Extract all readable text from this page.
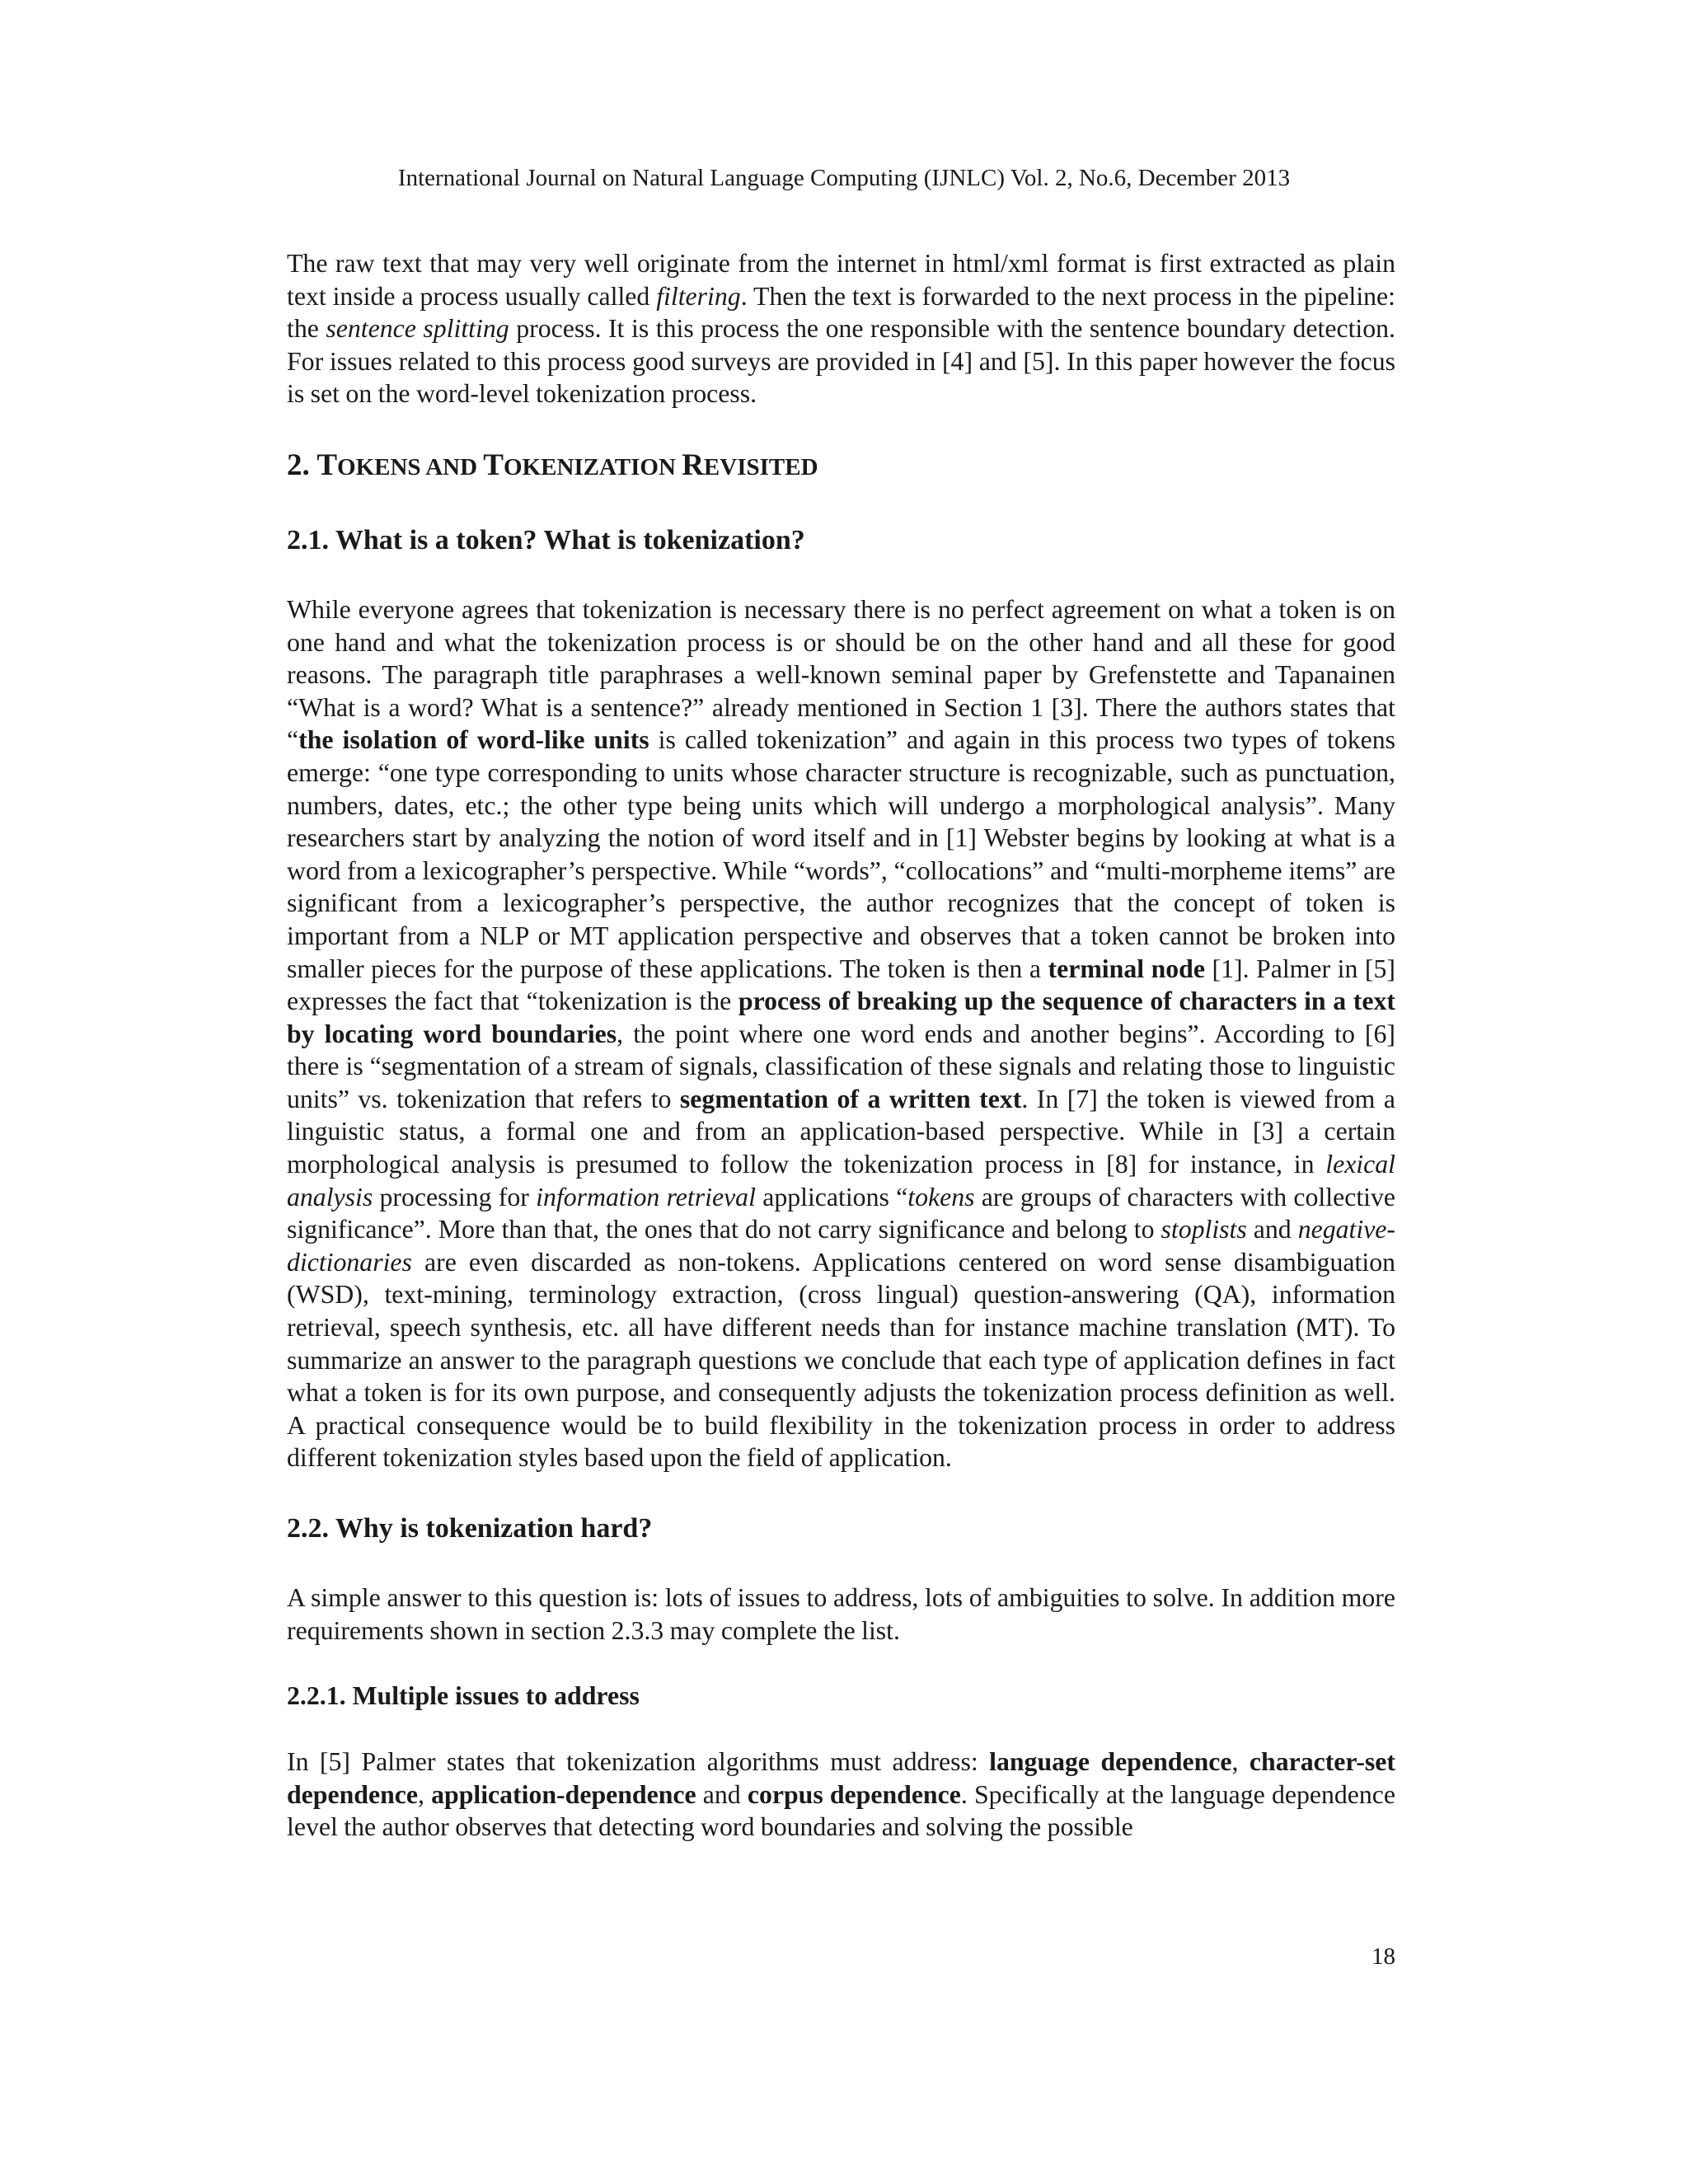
International Journal on Natural Language Computing (IJNLC) Vol. 2, No.6, December 2013

The raw text that may very well originate from the internet in html/xml format is first extracted as plain text inside a process usually called filtering. Then the text is forwarded to the next process in the pipeline: the sentence splitting process. It is this process the one responsible with the sentence boundary detection. For issues related to this process good surveys are provided in [4] and [5]. In this paper however the focus is set on the word-level tokenization process.

2. TOKENS AND TOKENIZATION REVISITED
2.1. What is a token? What is tokenization?

While everyone agrees that tokenization is necessary there is no perfect agreement on what a token is on one hand and what the tokenization process is or should be on the other hand and all these for good reasons. The paragraph title paraphrases a well-known seminal paper by Grefenstette and Tapanainen “What is a word? What is a sentence?” already mentioned in Section 1 [3]. There the authors states that “the isolation of word-like units is called tokenization” and again in this process two types of tokens emerge: “one type corresponding to units whose character structure is recognizable, such as punctuation, numbers, dates, etc.; the other type being units which will undergo a morphological analysis”. Many researchers start by analyzing the notion of word itself and in [1] Webster begins by looking at what is a word from a lexicographer’s perspective. While “words”, “collocations” and “multi-morpheme items” are significant from a lexicographer’s perspective, the author recognizes that the concept of token is important from a NLP or MT application perspective and observes that a token cannot be broken into smaller pieces for the purpose of these applications. The token is then a terminal node [1]. Palmer in [5] expresses the fact that “tokenization is the process of breaking up the sequence of characters in a text by locating word boundaries, the point where one word ends and another begins”. According to [6] there is “segmentation of a stream of signals, classification of these signals and relating those to linguistic units” vs. tokenization that refers to segmentation of a written text. In [7] the token is viewed from a linguistic status, a formal one and from an application-based perspective. While in [3] a certain morphological analysis is presumed to follow the tokenization process in [8] for instance, in lexical analysis processing for information retrieval applications “tokens are groups of characters with collective significance”. More than that, the ones that do not carry significance and belong to stoplists and negative-dictionaries are even discarded as non-tokens. Applications centered on word sense disambiguation (WSD), text-mining, terminology extraction, (cross lingual) question-answering (QA), information retrieval, speech synthesis, etc. all have different needs than for instance machine translation (MT). To summarize an answer to the paragraph questions we conclude that each type of application defines in fact what a token is for its own purpose, and consequently adjusts the tokenization process definition as well. A practical consequence would be to build flexibility in the tokenization process in order to address different tokenization styles based upon the field of application.

2.2. Why is tokenization hard?

A simple answer to this question is: lots of issues to address, lots of ambiguities to solve. In addition more requirements shown in section 2.3.3 may complete the list.

2.2.1. Multiple issues to address

In [5] Palmer states that tokenization algorithms must address: language dependence, character-set dependence, application-dependence and corpus dependence. Specifically at the language dependence level the author observes that detecting word boundaries and solving the possible

18
